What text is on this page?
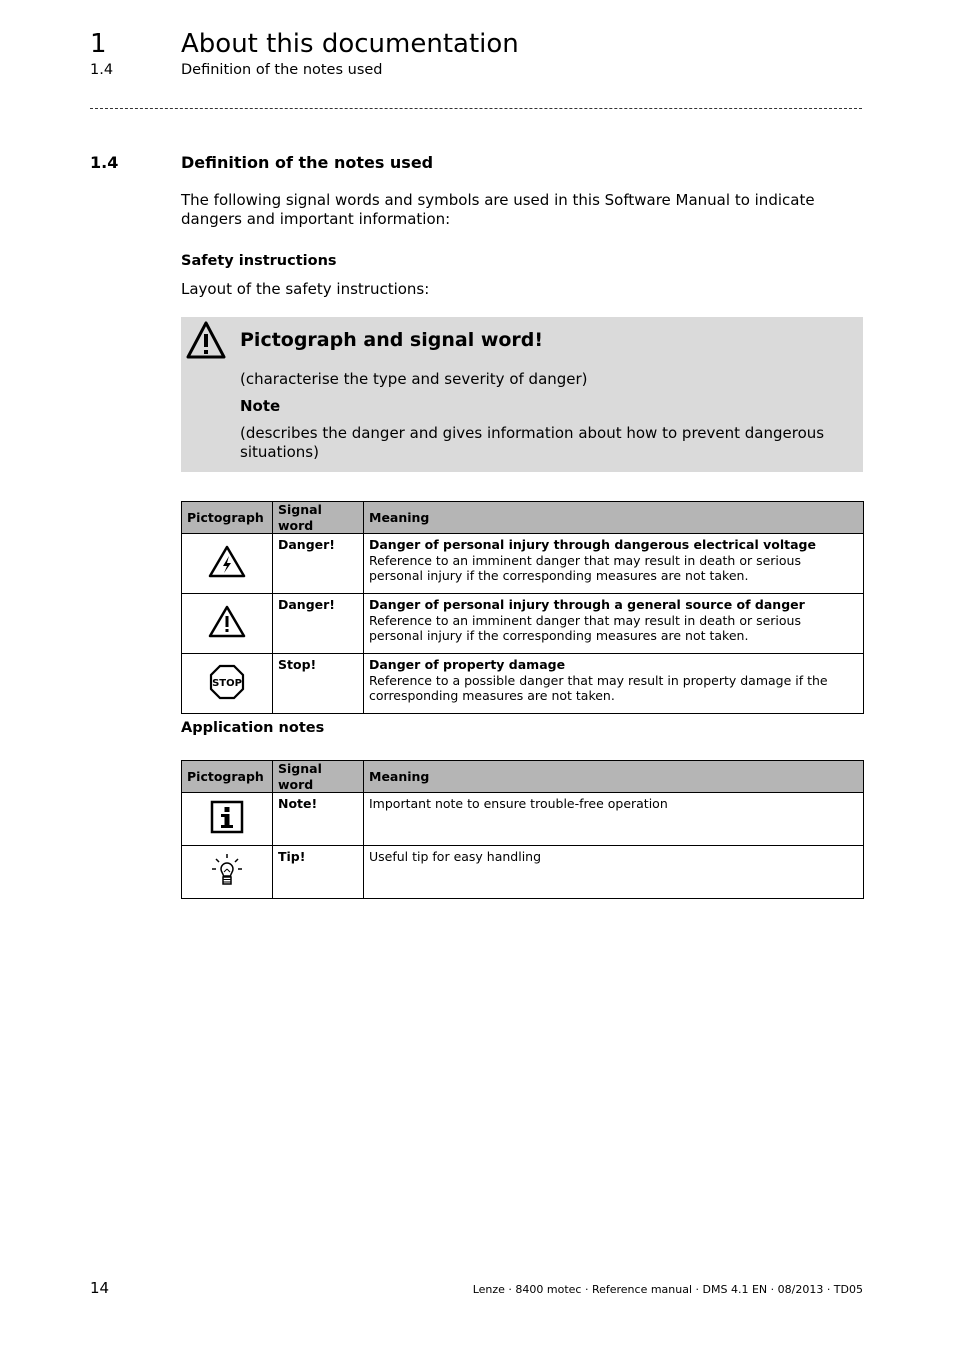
1	About this documentation
1.4	Definition of the notes used
1.4	Definition of the notes used
The following signal words and symbols are used in this Software Manual to indicate dangers and important information:
Safety instructions
Layout of the safety instructions:
Pictograph and signal word!
(characterise the type and severity of danger)
Note
(describes the danger and gives information about how to prevent dangerous situations)
Pictograph	Signal word	Meaning
	Danger!	Danger of personal injury through dangerous electrical voltage
Reference to an imminent danger that may result in death or serious personal injury if the corresponding measures are not taken.

	Danger!	Danger of personal injury through a general source of danger
Reference to an imminent danger that may result in death or serious personal injury if the corresponding measures are not taken.

STOP	Stop!	Danger of property damage
Reference to a possible danger that may result in property damage if the corresponding measures are not taken.
Application notes
Pictograph	Signal word	Meaning
	Note!	Important note to ensure trouble-free operation
	Tip!	Useful tip for easy handling
14	Lenze · 8400 motec · Reference manual · DMS 4.1 EN · 08/2013 · TD05
